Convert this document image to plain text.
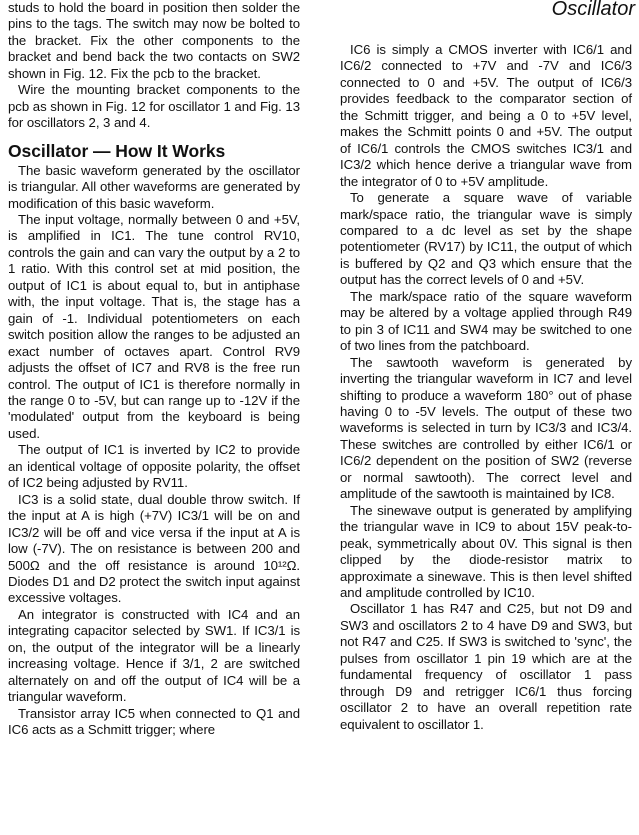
Oscillator

studs to hold the board in position then solder the pins to the tags. The switch may now be bolted to the bracket. Fix the other components to the bracket and bend back the two contacts on SW2 shown in Fig. 12. Fix the pcb to the bracket.

Wire the mounting bracket components to the pcb as shown in Fig. 12 for oscillator 1 and Fig. 13 for oscillators 2, 3 and 4.

Oscillator — How It Works

The basic waveform generated by the oscillator is triangular. All other waveforms are generated by modification of this basic waveform.

The input voltage, normally between 0 and +5V, is amplified in IC1. The tune control RV10, controls the gain and can vary the output by a 2 to 1 ratio. With this control set at mid position, the output of IC1 is about equal to, but in antiphase with, the input voltage. That is, the stage has a gain of -1. Individual potentiometers on each switch position allow the ranges to be adjusted an exact number of octaves apart. Control RV9 adjusts the offset of IC7 and RV8 is the free run control. The output of IC1 is therefore normally in the range 0 to -5V, but can range up to -12V if the 'modulated' output from the keyboard is being used.

The output of IC1 is inverted by IC2 to provide an identical voltage of opposite polarity, the offset of IC2 being adjusted by RV11.

IC3 is a solid state, dual double throw switch. If the input at A is high (+7V) IC3/1 will be on and IC3/2 will be off and vice versa if the input at A is low (-7V). The on resistance is between 200 and 500Ω and the off resistance is around 10¹²Ω. Diodes D1 and D2 protect the switch input against excessive voltages.

An integrator is constructed with IC4 and an integrating capacitor selected by SW1. If IC3/1 is on, the output of the integrator will be a linearly increasing voltage. Hence if 3/1, 2 are switched alternately on and off the output of IC4 will be a triangular waveform.

Transistor array IC5 when connected to Q1 and IC6 acts as a Schmitt trigger; where

IC6 is simply a CMOS inverter with IC6/1 and IC6/2 connected to +7V and -7V and IC6/3 connected to 0 and +5V. The output of IC6/3 provides feedback to the comparator section of the Schmitt trigger, and being a 0 to +5V level, makes the Schmitt points 0 and +5V. The output of IC6/1 controls the CMOS switches IC3/1 and IC3/2 which hence derive a triangular wave from the integrator of 0 to +5V amplitude.

To generate a square wave of variable mark/space ratio, the triangular wave is simply compared to a dc level as set by the shape potentiometer (RV17) by IC11, the output of which is buffered by Q2 and Q3 which ensure that the output has the correct levels of 0 and +5V.

The mark/space ratio of the square waveform may be altered by a voltage applied through R49 to pin 3 of IC11 and SW4 may be switched to one of two lines from the patchboard.

The sawtooth waveform is generated by inverting the triangular waveform in IC7 and level shifting to produce a waveform 180° out of phase having 0 to -5V levels. The output of these two waveforms is selected in turn by IC3/3 and IC3/4. These switches are controlled by either IC6/1 or IC6/2 dependent on the position of SW2 (reverse or normal sawtooth). The correct level and amplitude of the sawtooth is maintained by IC8.

The sinewave output is generated by amplifying the triangular wave in IC9 to about 15V peak-to-peak, symmetrically about 0V. This signal is then clipped by the diode-resistor matrix to approximate a sinewave. This is then level shifted and amplitude controlled by IC10.

Oscillator 1 has R47 and C25, but not D9 and SW3 and oscillators 2 to 4 have D9 and SW3, but not R47 and C25. If SW3 is switched to 'sync', the pulses from oscillator 1 pin 19 which are at the fundamental frequency of oscillator 1 pass through D9 and retrigger IC6/1 thus forcing oscillator 2 to have an overall repetition rate equivalent to oscillator 1.
